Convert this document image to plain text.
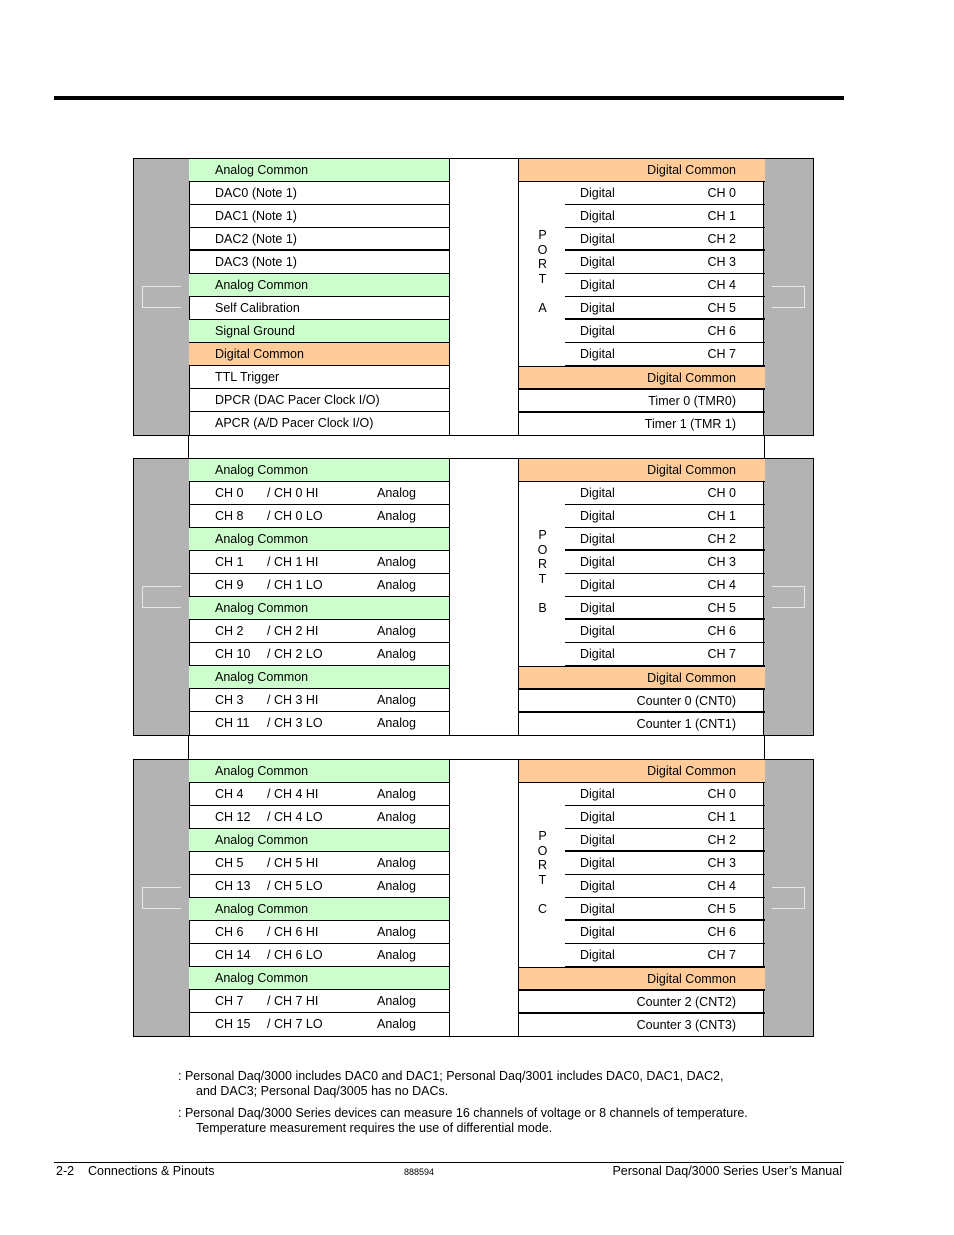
Analog Common
DAC0 (Note 1)
DAC1 (Note 1)
DAC2 (Note 1)
DAC3 (Note 1)
Analog Common
Self Calibration
Signal Ground
Digital Common
TTL Trigger
DPCR (DAC Pacer Clock I/O)
APCR (A/D Pacer Clock I/O)
Digital Common
P
O
R
T

A
Digital	CH 0
Digital	CH 1
Digital	CH 2
Digital	CH 3
Digital	CH 4
Digital	CH 5
Digital	CH 6
Digital	CH 7
Digital Common
Timer 0 (TMR0)
Timer 1 (TMR 1)
Analog Common
CH 0 / CH 0 HI	Analog
CH 8 / CH 0 LO	Analog
Analog Common
CH 1 / CH 1 HI	Analog
CH 9 / CH 1 LO	Analog
Analog Common
CH 2 / CH 2 HI	Analog
CH 10 / CH 2 LO	Analog
Analog Common
CH 3 / CH 3 HI	Analog
CH 11 / CH 3 LO	Analog
Digital Common
P
O
R
T

B
Digital	CH 0
Digital	CH 1
Digital	CH 2
Digital	CH 3
Digital	CH 4
Digital	CH 5
Digital	CH 6
Digital	CH 7
Digital Common
Counter 0 (CNT0)
Counter 1 (CNT1)
Analog Common
CH 4 / CH 4 HI	Analog
CH 12 / CH 4 LO	Analog
Analog Common
CH 5 / CH 5 HI	Analog
CH 13 / CH 5 LO	Analog
Analog Common
CH 6 / CH 6 HI	Analog
CH 14 / CH 6 LO	Analog
Analog Common
CH 7 / CH 7 HI	Analog
CH 15 / CH 7 LO	Analog
Digital Common
P
O
R
T

C
Digital	CH 0
Digital	CH 1
Digital	CH 2
Digital	CH 3
Digital	CH 4
Digital	CH 5
Digital	CH 6
Digital	CH 7
Digital Common
Counter 2 (CNT2)
Counter 3 (CNT3)
: Personal Daq/3000 includes DAC0 and DAC1; Personal Daq/3001 includes DAC0, DAC1, DAC2,
and DAC3; Personal Daq/3005 has no DACs.
: Personal Daq/3000 Series devices can measure 16 channels of voltage or 8 channels of temperature.
Temperature measurement requires the use of differential mode.
2-2 Connections & Pinouts	888594	Personal Daq/3000 Series User’s Manual
